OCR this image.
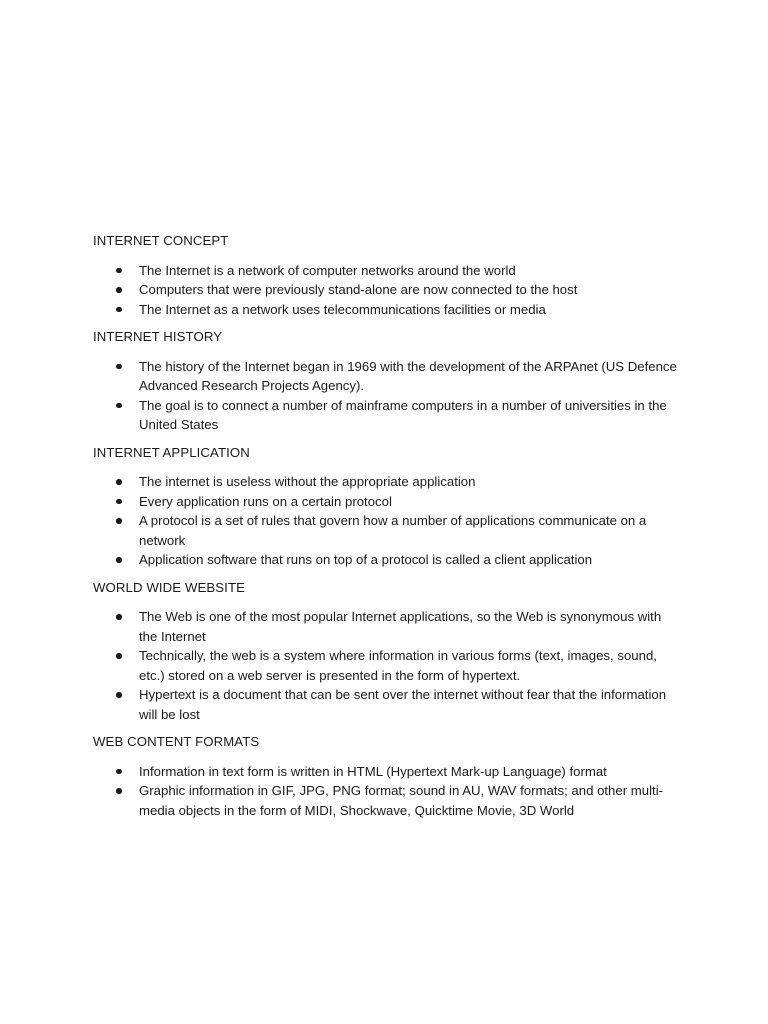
INTERNET CONCEPT
The Internet is a network of computer networks around the world
Computers that were previously stand-alone are now connected to the host
The Internet as a network uses telecommunications facilities or media
INTERNET HISTORY
The history of the Internet began in 1969 with the development of the ARPAnet (US Defence Advanced Research Projects Agency).
The goal is to connect a number of mainframe computers in a number of universities in the United States
INTERNET APPLICATION
The internet is useless without the appropriate application
Every application runs on a certain protocol
A protocol is a set of rules that govern how a number of applications communicate on a network
Application software that runs on top of a protocol is called a client application
WORLD WIDE WEBSITE
The Web is one of the most popular Internet applications, so the Web is synonymous with the Internet
Technically, the web is a system where information in various forms (text, images, sound, etc.) stored on a web server is presented in the form of hypertext.
Hypertext is a document that can be sent over the internet without fear that the information will be lost
WEB CONTENT FORMATS
Information in text form is written in HTML (Hypertext Mark-up Language) format
Graphic information in GIF, JPG, PNG format; sound in AU, WAV formats; and other multi-media objects in the form of MIDI, Shockwave, Quicktime Movie, 3D World
